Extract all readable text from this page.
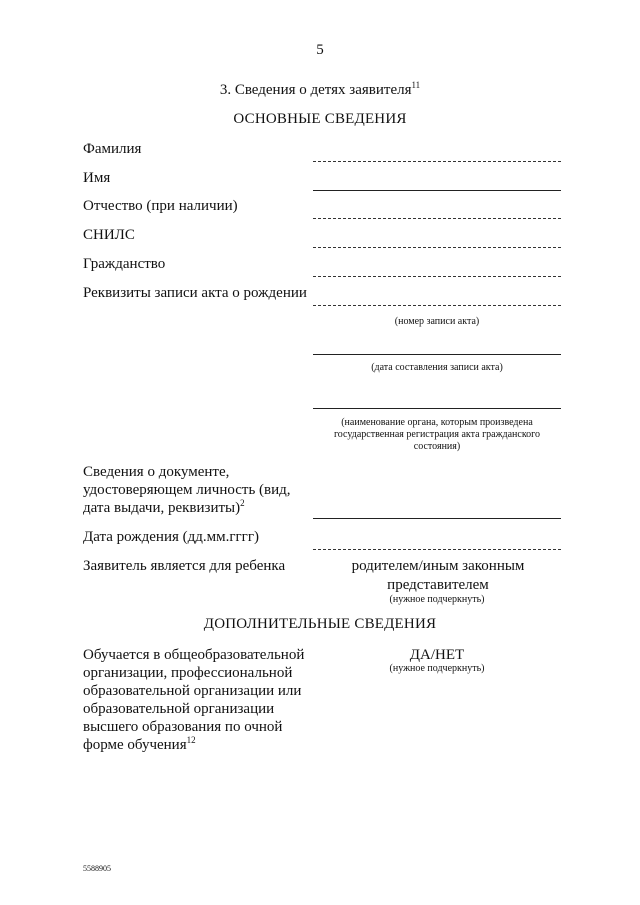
5
3. Сведения о детях заявителя$^{11}$
ОСНОВНЫЕ СВЕДЕНИЯ
Фамилия
Имя
Отчество (при наличии)
СНИЛС
Гражданство
Реквизиты записи акта о рождении
(номер записи акта)
(дата составления записи акта)
(наименование органа, которым произведена государственная регистрация акта гражданского состояния)
Сведения о документе, удостоверяющем личность (вид, дата выдачи, реквизиты)$^2$
Дата рождения (дд.мм.гггг)
Заявитель является для ребенка	родителем/иным законным представителем
(нужное подчеркнуть)
ДОПОЛНИТЕЛЬНЫЕ СВЕДЕНИЯ
Обучается в общеобразовательной организации, профессиональной образовательной организации или образовательной организации высшего образования по очной форме обучения$^{12}$
ДА/НЕТ
(нужное подчеркнуть)
5588905
